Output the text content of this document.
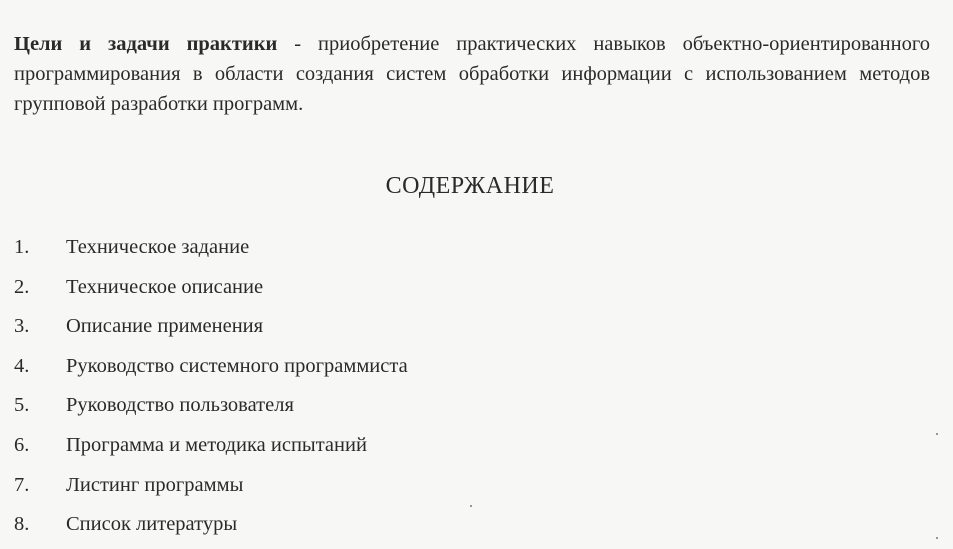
Цели и задачи практики - приобретение практических навыков объектно-ориентированного программирования в области создания систем обработки информации с использованием методов групповой разработки программ.

СОДЕРЖАНИЕ
1.	Техническое задание
2.	Техническое описание
3.	Описание применения
4.	Руководство системного программиста
5.	Руководство пользователя
6.	Программа и методика испытаний
7.	Листинг программы
8.	Список литературы
